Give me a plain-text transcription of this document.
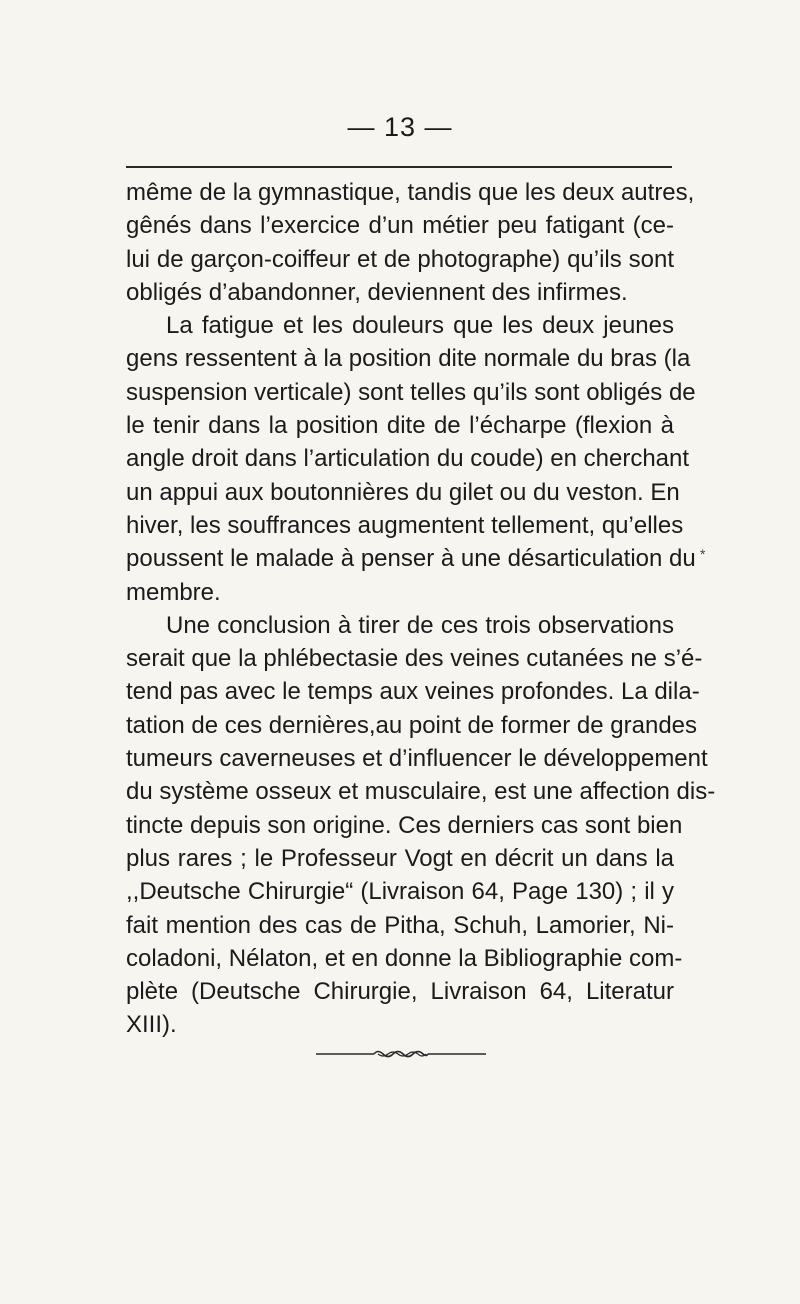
— 13 —
même de la gymnastique, tandis que les deux autres,
gênés dans l’exercice d’un métier peu fatigant (ce-
lui de garçon-coiffeur et de photographe) qu’ils sont
obligés d’abandonner, deviennent des infirmes.
La fatigue et les douleurs que les deux jeunes
gens ressentent à la position dite normale du bras (la
suspension verticale) sont telles qu’ils sont obligés de
le tenir dans la position dite de l’écharpe (flexion à
angle droit dans l’articulation du coude) en cherchant
un appui aux boutonnières du gilet ou du veston. En
hiver, les souffrances augmentent tellement, qu’elles
poussent le malade à penser à une désarticulation du
membre.
Une conclusion à tirer de ces trois observations
serait que la phlébectasie des veines cutanées ne s’é-
tend pas avec le temps aux veines profondes. La dila-
tation de ces dernières,au point de former de grandes
tumeurs caverneuses et d’influencer le développement
du système osseux et musculaire, est une affection dis-
tincte depuis son origine. Ces derniers cas sont bien
plus rares ; le Professeur Vogt en décrit un dans la
,,Deutsche Chirurgie“ (Livraison 64, Page 130) ; il y
fait mention des cas de Pitha, Schuh, Lamorier, Ni-
coladoni, Nélaton, et en donne la Bibliographie com-
plète (Deutsche Chirurgie, Livraison 64, Literatur
XIII).
*
